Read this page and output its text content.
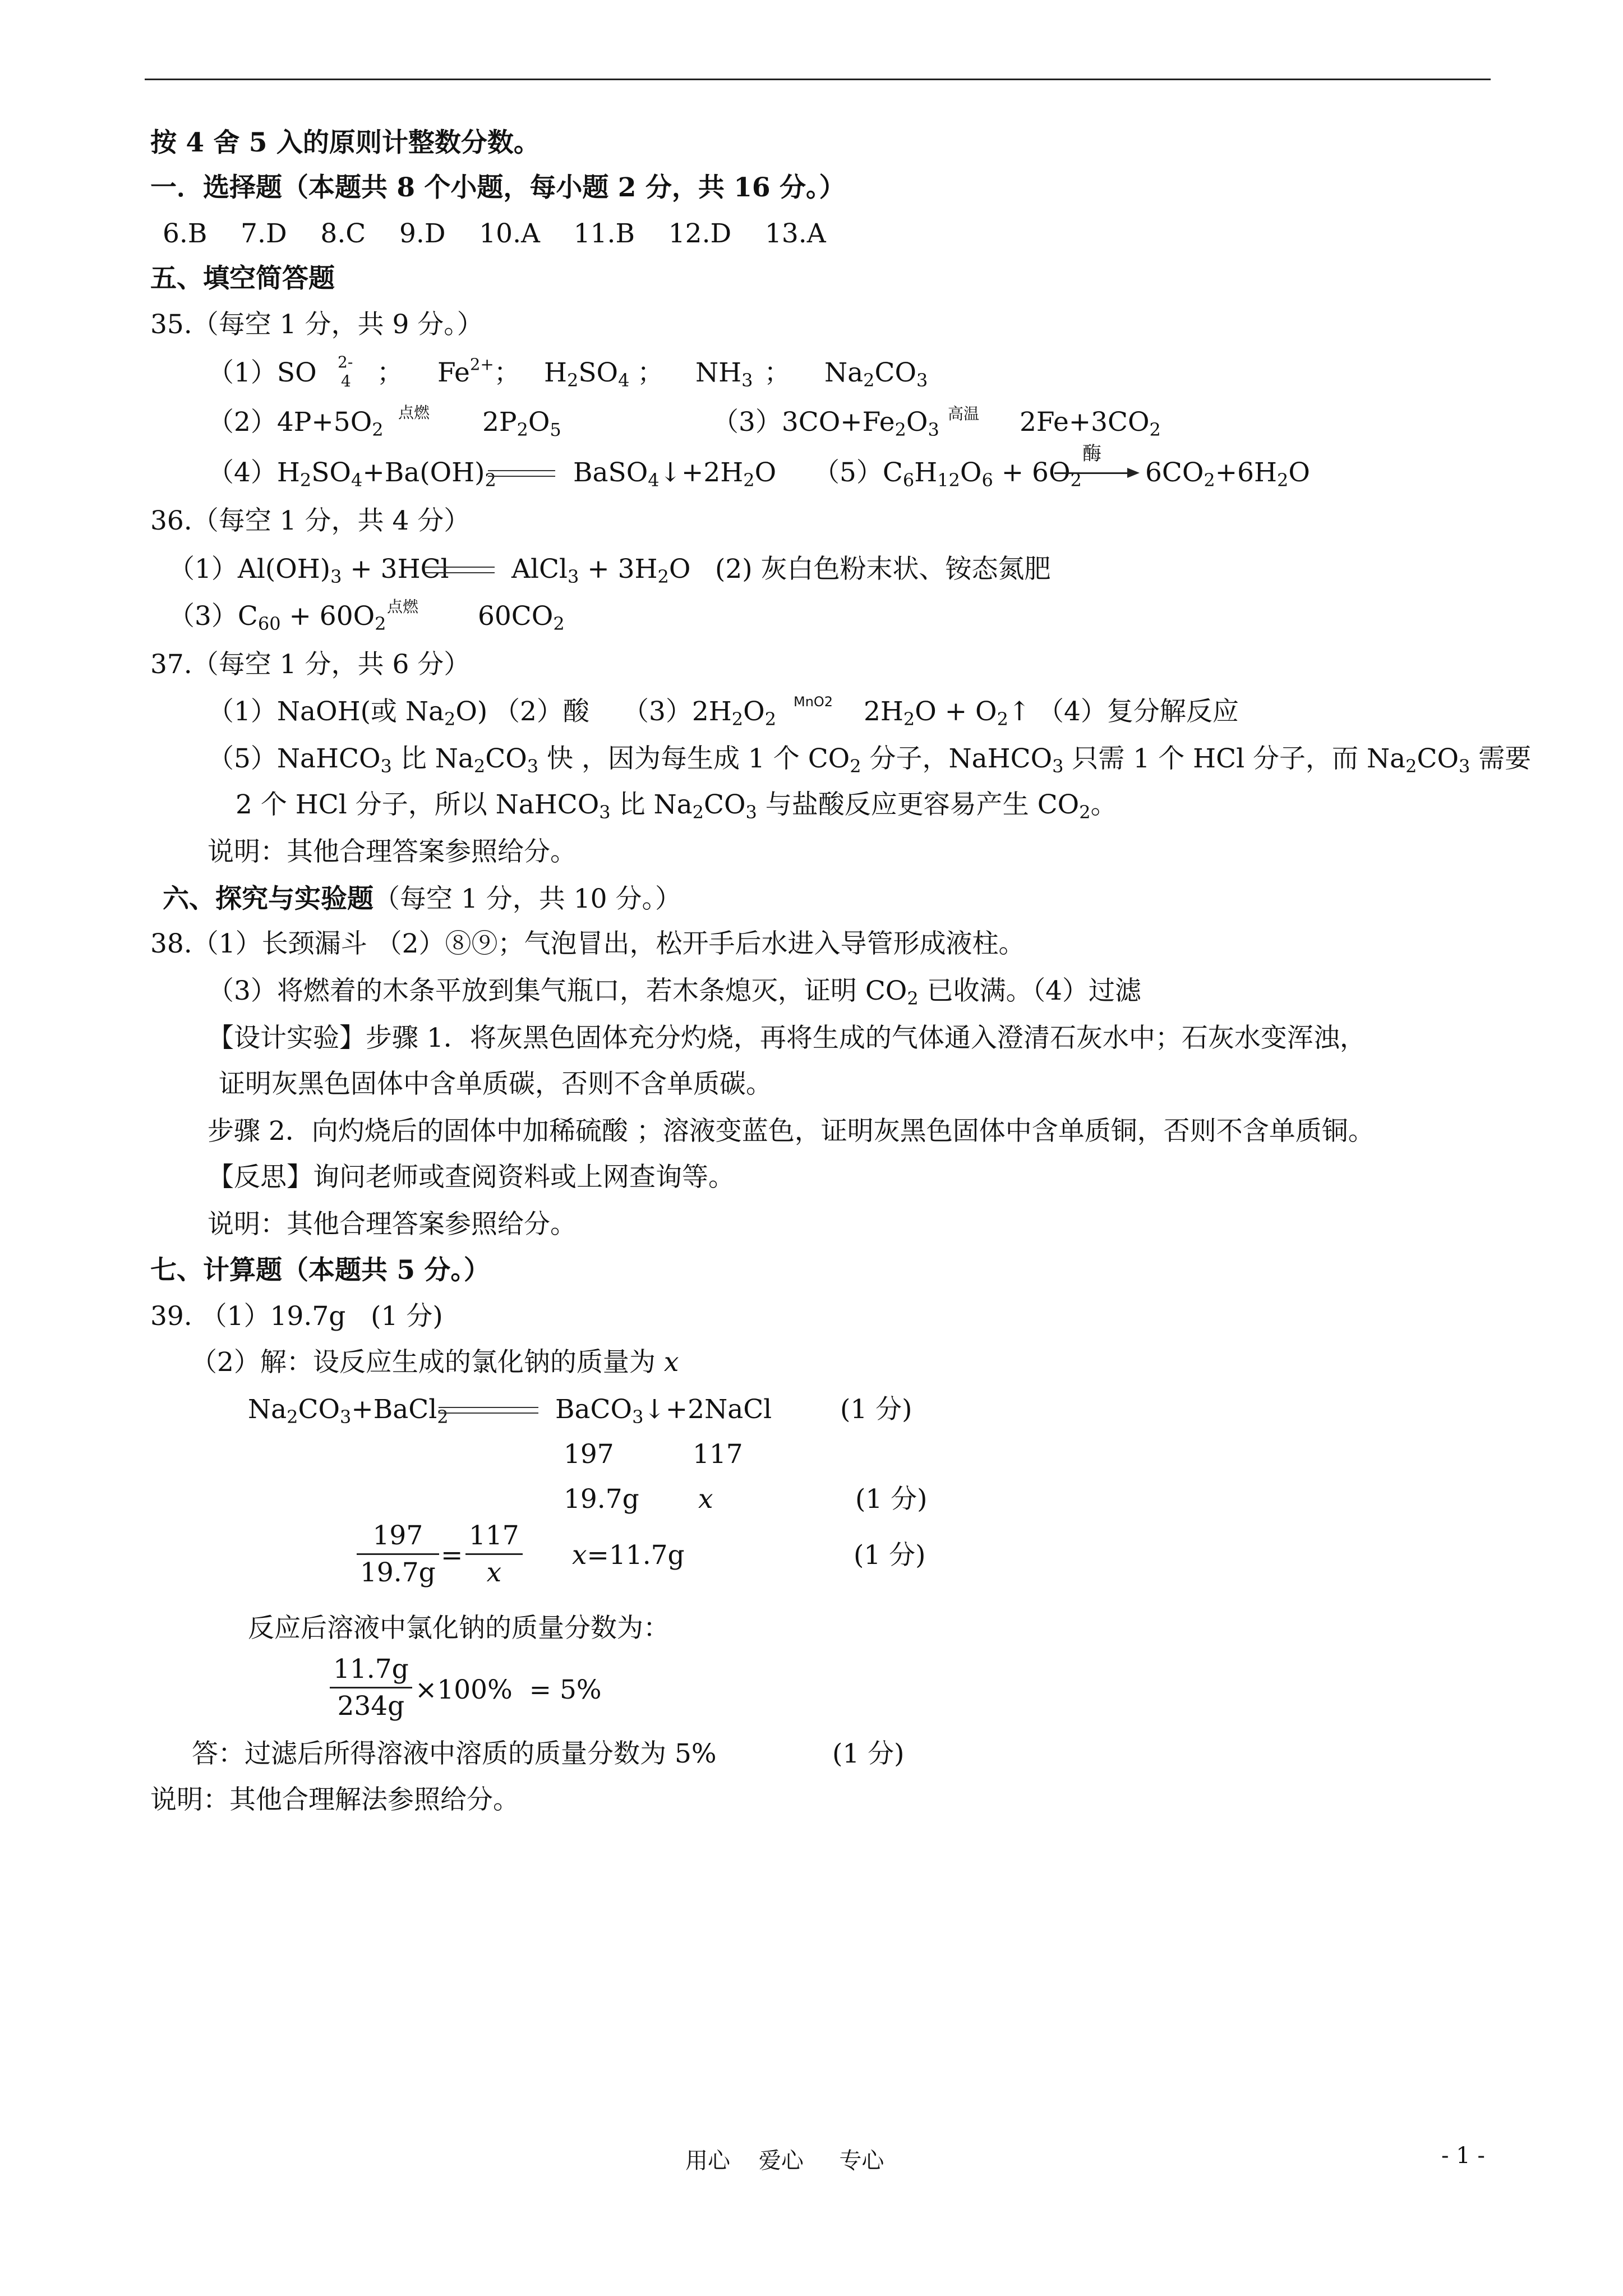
按 4 舍 5 入的原则计整数分数。
一．选择题（本题共 8 个小题，每小题 2 分，共 16 分。）
6.B    7.D    8.C    9.D    10.A    11.B    12.D    13.A
五、填空简答题
35.（每空 1 分，共 9 分。）
（1）SO 2-
4 ； $Fe^{2+}$； $H_2SO_4$ ； $NH_3$ ； $Na_2CO_3$
$(2)4P+5O_2$
点燃 $2P_2O_5$	$(3)3CO+Fe_2O_3$
高温 $2Fe+3CO_2$
$(4)H_2SO_4+Ba(OH)_2$	$BaSO_4↓+2H_2O$ $(5)C_6H_{12}O_6 + 6O_2$
酶
$6CO_2+6H_2O$
36.（每空 1 分，共 4 分）
$(1)Al(OH)_3 + 3HCl$ AlCl$_3$ + $3H_2O$ (2) 灰白色粉末状、铵态氮肥
$(3)C_{60} + 60O_2$
点燃 $60CO_2$
37.（每空 1 分，共 6 分）
（1）NaOH(或 $Na_2O$) （2）酸 $(3)2H_2O_2$
MnO2 $2H_2O$ + $O_2↑$ （4）复分解反应
（5）NaHCO$_3$ 比 $Na_2CO_3$ 快 ，因为每生成 1 个 $CO_2$ 分子，NaHCO$_3$ 只需 1 个 HCl 分子，而 $Na_2CO_3$ 需要
2 个 HCl 分子，所以 NaHCO$_3$ 比 $Na_2CO_3$ 与盐酸反应更容易产生 $CO_2$。
说明：其他合理答案参照给分。
六、探究与实验题（每空 1 分，共 10 分。）
38.（1）长颈漏斗 （2）⑧⑨；气泡冒出，松开手后水进入导管形成液柱。
（3）将燃着的木条平放到集气瓶口，若木条熄灭，证明 $CO_2$ 已收满。（4）过滤
【设计实验】步骤 1．将灰黑色固体充分灼烧，再将生成的气体通入澄清石灰水中；石灰水变浑浊，
证明灰黑色固体中含单质碳，否则不含单质碳。
步骤 2．向灼烧后的固体中加稀硫酸 ；溶液变蓝色，证明灰黑色固体中含单质铜，否则不含单质铜。
【反思】询问老师或查阅资料或上网查询等。
说明：其他合理答案参照给分。
七、计算题（本题共 5 分。）
39. （1）19.7g   (1 分)
（2）解：设反应生成的氯化钠的质量为 x
$Na_2CO_3+BaCl_2$	BaCO$_3$↓+2NaCl	(1 分)
197	117
19.7g x	(1 分)
197
19.7g
=
117
x
x=11.7g	(1 分)
反应后溶液中氯化钠的质量分数为：
11.7g
234g
×100%  = 5%
答：过滤后所得溶液中溶质的质量分数为 5%	(1 分)
说明：其他合理解法参照给分。
用心    爱心     专心	- 1 -
